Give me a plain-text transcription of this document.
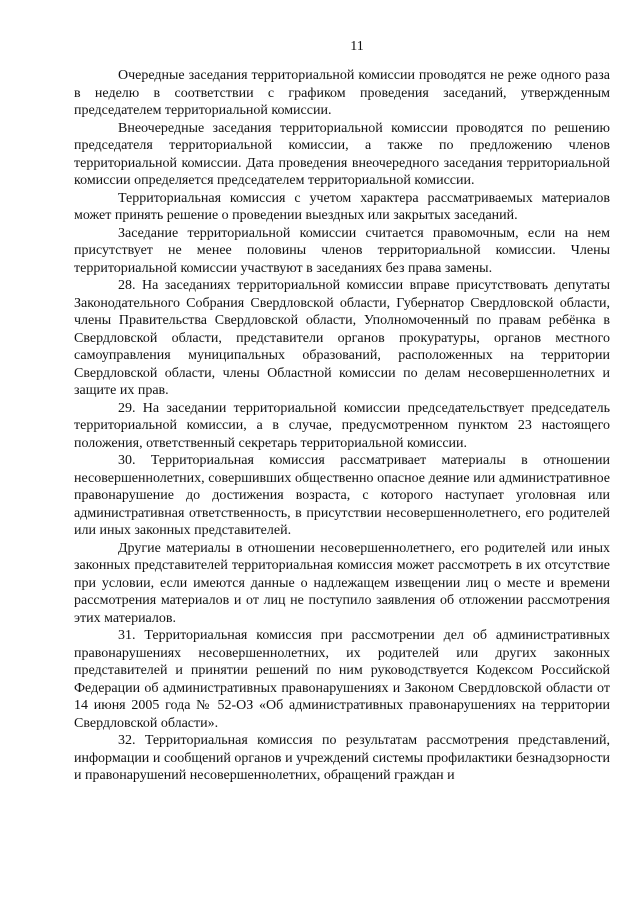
11

Очередные заседания территориальной комиссии проводятся не реже одного раза в неделю в соответствии с графиком проведения заседаний, утвержденным председателем территориальной комиссии.

Внеочередные заседания территориальной комиссии проводятся по решению председателя территориальной комиссии, а также по предложению членов территориальной комиссии. Дата проведения внеочередного заседания территориальной комиссии определяется председателем территориальной комиссии.

Территориальная комиссия с учетом характера рассматриваемых материалов может принять решение о проведении выездных или закрытых заседаний.

Заседание территориальной комиссии считается правомочным, если на нем присутствует не менее половины членов территориальной комиссии. Члены территориальной комиссии участвуют в заседаниях без права замены.

28. На заседаниях территориальной комиссии вправе присутствовать депутаты Законодательного Собрания Свердловской области, Губернатор Свердловской области, члены Правительства Свердловской области, Уполномоченный по правам ребёнка в Свердловской области, представители органов прокуратуры, органов местного самоуправления муниципальных образований, расположенных на территории Свердловской области, члены Областной комиссии по делам несовершеннолетних и защите их прав.

29. На заседании территориальной комиссии председательствует председатель территориальной комиссии, а в случае, предусмотренном пунктом 23 настоящего положения, ответственный секретарь территориальной комиссии.

30. Территориальная комиссия рассматривает материалы в отношении несовершеннолетних, совершивших общественно опасное деяние или административное правонарушение до достижения возраста, с которого наступает уголовная или административная ответственность, в присутствии несовершеннолетнего, его родителей или иных законных представителей.

Другие материалы в отношении несовершеннолетнего, его родителей или иных законных представителей территориальная комиссия может рассмотреть в их отсутствие при условии, если имеются данные о надлежащем извещении лиц о месте и времени рассмотрения материалов и от лиц не поступило заявления об отложении рассмотрения этих материалов.

31. Территориальная комиссия при рассмотрении дел об административных правонарушениях несовершеннолетних, их родителей или других законных представителей и принятии решений по ним руководствуется Кодексом Российской Федерации об административных правонарушениях и Законом Свердловской области от 14 июня 2005 года № 52-ОЗ «Об административных правонарушениях на территории Свердловской области».

32. Территориальная комиссия по результатам рассмотрения представлений, информации и сообщений органов и учреждений системы профилактики безнадзорности и правонарушений несовершеннолетних, обращений граждан и
